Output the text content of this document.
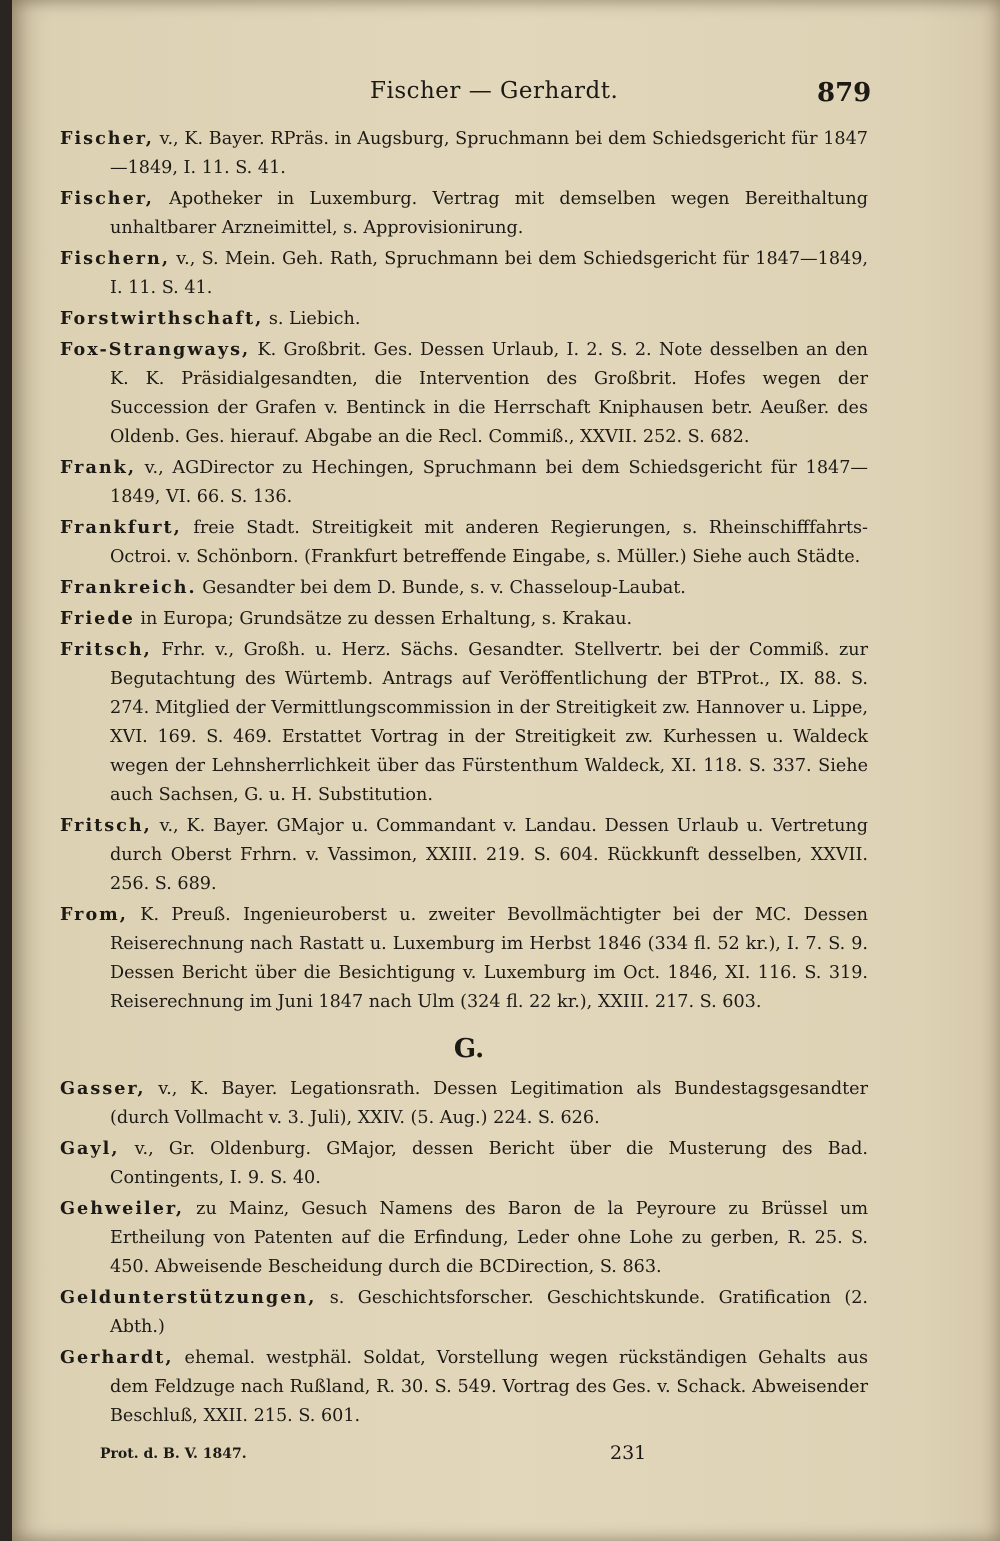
Fischer — Gerhardt.	879

Fischer, v., K. Bayer. RPräs. in Augsburg, Spruchmann bei dem Schiedsgericht für 1847—1849, I. 11. S. 41.

Fischer, Apotheker in Luxemburg. Vertrag mit demselben wegen Bereithaltung unhaltbarer Arzneimittel, s. Approvisionirung.

Fischern, v., S. Mein. Geh. Rath, Spruchmann bei dem Schiedsgericht für 1847—1849, I. 11. S. 41.

Forstwirthschaft, s. Liebich.

Fox-Strangways, K. Großbrit. Ges. Dessen Urlaub, I. 2. S. 2. Note desselben an den K. K. Präsidialgesandten, die Intervention des Großbrit. Hofes wegen der Succession der Grafen v. Bentinck in die Herrschaft Kniphausen betr. Aeußer. des Oldenb. Ges. hierauf. Abgabe an die Recl. Commiß., XXVII. 252. S. 682.

Frank, v., AGDirector zu Hechingen, Spruchmann bei dem Schiedsgericht für 1847—1849, VI. 66. S. 136.

Frankfurt, freie Stadt. Streitigkeit mit anderen Regierungen, s. Rheinschifffahrts-Octroi. v. Schönborn. (Frankfurt betreffende Eingabe, s. Müller.) Siehe auch Städte.

Frankreich. Gesandter bei dem D. Bunde, s. v. Chasseloup-Laubat.

Friede in Europa; Grundsätze zu dessen Erhaltung, s. Krakau.

Fritsch, Frhr. v., Großh. u. Herz. Sächs. Gesandter. Stellvertr. bei der Commiß. zur Begutachtung des Würtemb. Antrags auf Veröffentlichung der BTProt., IX. 88. S. 274. Mitglied der Vermittlungscommission in der Streitigkeit zw. Hannover u. Lippe, XVI. 169. S. 469. Erstattet Vortrag in der Streitigkeit zw. Kurhessen u. Waldeck wegen der Lehnsherrlichkeit über das Fürstenthum Waldeck, XI. 118. S. 337. Siehe auch Sachsen, G. u. H. Substitution.

Fritsch, v., K. Bayer. GMajor u. Commandant v. Landau. Dessen Urlaub u. Vertretung durch Oberst Frhrn. v. Vassimon, XXIII. 219. S. 604. Rückkunft desselben, XXVII. 256. S. 689.

From, K. Preuß. Ingenieuroberst u. zweiter Bevollmächtigter bei der MC. Dessen Reiserechnung nach Rastatt u. Luxemburg im Herbst 1846 (334 fl. 52 kr.), I. 7. S. 9. Dessen Bericht über die Besichtigung v. Luxemburg im Oct. 1846, XI. 116. S. 319. Reiserechnung im Juni 1847 nach Ulm (324 fl. 22 kr.), XXIII. 217. S. 603.

G.

Gasser, v., K. Bayer. Legationsrath. Dessen Legitimation als Bundestagsgesandter (durch Vollmacht v. 3. Juli), XXIV. (5. Aug.) 224. S. 626.

Gayl, v., Gr. Oldenburg. GMajor, dessen Bericht über die Musterung des Bad. Contingents, I. 9. S. 40.

Gehweiler, zu Mainz, Gesuch Namens des Baron de la Peyroure zu Brüssel um Ertheilung von Patenten auf die Erfindung, Leder ohne Lohe zu gerben, R. 25. S. 450. Abweisende Bescheidung durch die BCDirection, S. 863.

Geldunterstützungen, s. Geschichtsforscher. Geschichtskunde. Gratification (2. Abth.)

Gerhardt, ehemal. westphäl. Soldat, Vorstellung wegen rückständigen Gehalts aus dem Feldzuge nach Rußland, R. 30. S. 549. Vortrag des Ges. v. Schack. Abweisender Beschluß, XXII. 215. S. 601.

Prot. d. B. V. 1847.	231
